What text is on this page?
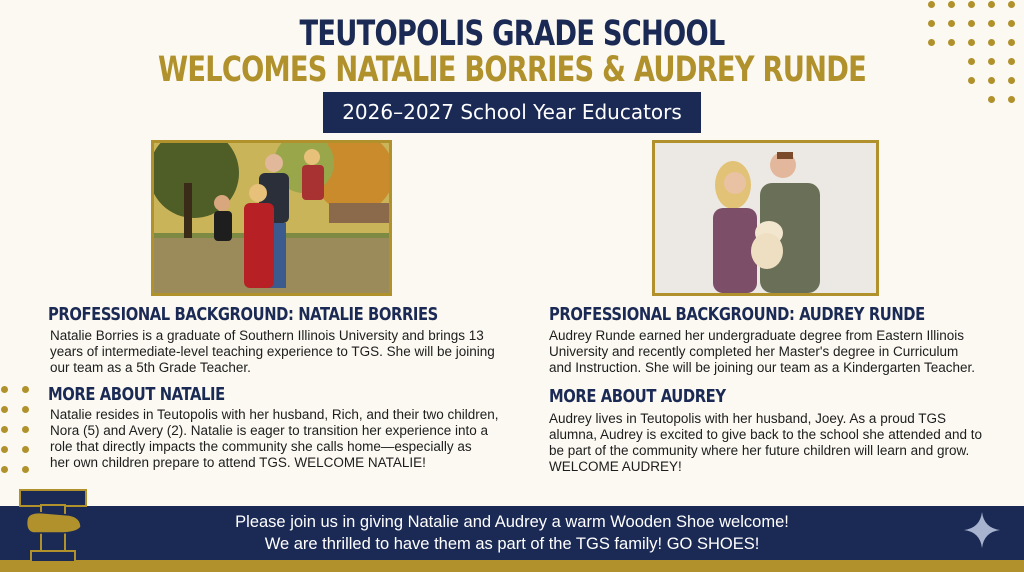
TEUTOPOLIS GRADE SCHOOL
WELCOMES NATALIE BORRIES & AUDREY RUNDE
2026–2027 School Year Educators
PROFESSIONAL BACKGROUND: NATALIE BORRIES
Natalie Borries is a graduate of Southern Illinois University and brings 13
years of intermediate-level teaching experience to TGS. She will be joining
our team as a 5th Grade Teacher.
MORE ABOUT NATALIE
Natalie resides in Teutopolis with her husband, Rich, and their two children,
Nora (5) and Avery (2). Natalie is eager to transition her experience into a
role that directly impacts the community she calls home—especially as
her own children prepare to attend TGS. WELCOME NATALIE!
PROFESSIONAL BACKGROUND: AUDREY RUNDE
Audrey Runde earned her undergraduate degree from Eastern Illinois
University and recently completed her Master's degree in Curriculum
and Instruction. She will be joining our team as a Kindergarten Teacher.
MORE ABOUT AUDREY
Audrey lives in Teutopolis with her husband, Joey. As a proud TGS
alumna, Audrey is excited to give back to the school she attended and to
be part of the community where her future children will learn and grow.
WELCOME AUDREY!
Please join us in giving Natalie and Audrey a warm Wooden Shoe welcome!
We are thrilled to have them as part of the TGS family! GO SHOES!
